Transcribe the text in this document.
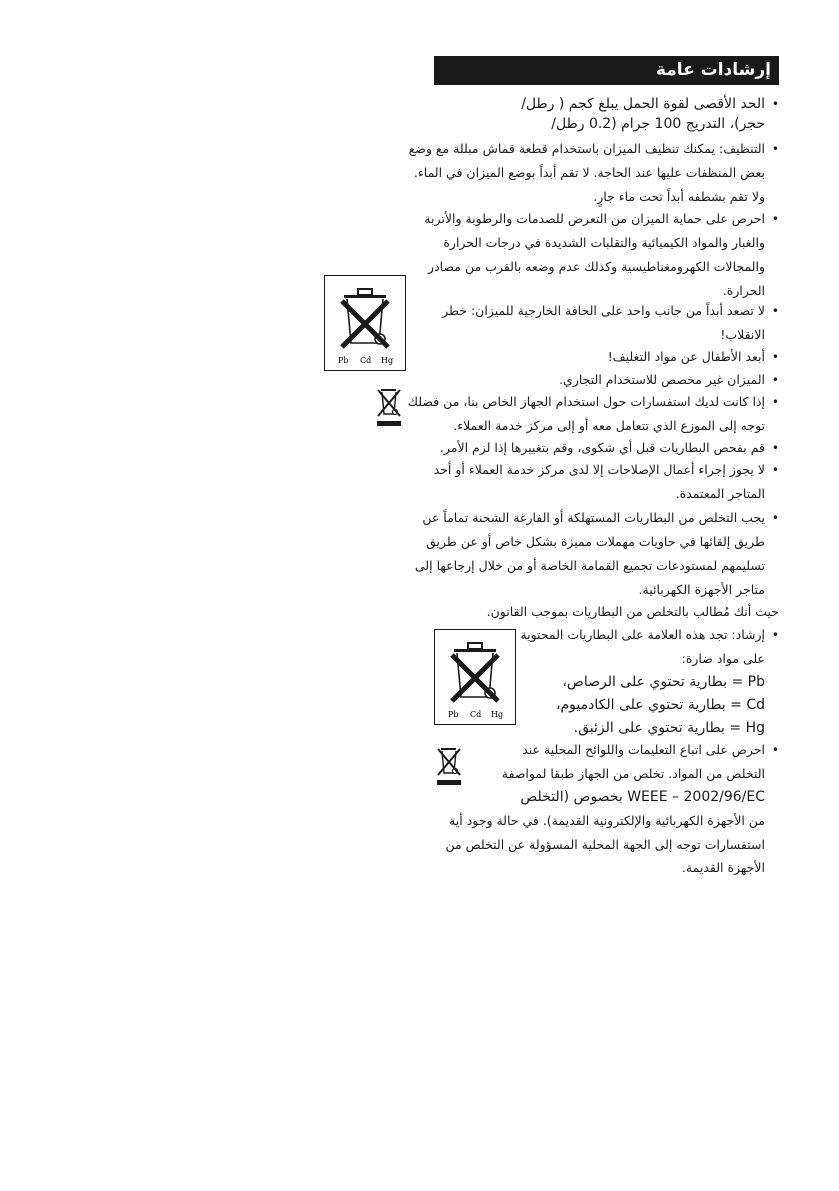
إرشادات عامة
الحد الأقصى لقوة الحمل يبلغ كجم ( رطل/
حجر)، التدريج 100 جرام (0.2 رطل/
التنظيف: يمكنك تنظيف الميزان باستخدام قطعة قماش مبللة مع وضع
بعض المنظفات عليها عند الحاجة. لا تقم أبداً بوضع الميزان في الماء.
ولا تقم بشطفه أبداً تحت ماء جارٍ.
احرص على حماية الميزان من التعرض للصدمات والرطوبة والأتربة
والغبار والمواد الكيميائية والتقلبات الشديدة في درجات الحرارة
والمجالات الكهرومغناطيسية وكذلك عدم وضعه بالقرب من مصادر
الحرارة.
لا تصعد أبداً من جانب واحد على الحافة الخارجية للميزان: خطر
الانقلاب!
أبعد الأطفال عن مواد التغليف!
الميزان غير مخصص للاستخدام التجاري.
إذا كانت لديك استفسارات حول استخدام الجهاز الخاص بنا، من فضلك
توجه إلى الموزع الذي تتعامل معه أو إلى مركز خدمة العملاء.
قم بفحص البطاريات قبل أي شكوى، وقم بتغييرها إذا لزم الأمر.
لا يجوز إجراء أعمال الإصلاحات إلا لدى مركز خدمة العملاء أو أحد
المتاجر المعتمدة.
يجب التخلص من البطاريات المستهلكة أو الفارغة الشحنة تماماً عن
طريق إلقائها في حاويات مهملات مميزة بشكل خاص أو عن طريق
تسليمهم لمستودعات تجميع القمامة الخاصة أو من خلال إرجاعها إلى
متاجر الأجهزة الكهربائية.
حيث أنك مُطالب بالتخلص من البطاريات بموجب القانون.
إرشاد: تجد هذه العلامة على البطاريات المحتوية
على مواد ضارة:
Pb = بطارية تحتوي على الرصاص،
Cd = بطارية تحتوي على الكادميوم،
Hg = بطارية تحتوي على الزئبق.
احرص على اتباع التعليمات واللوائح المحلية عند
التخلص من المواد. تخلص من الجهاز طبقا لمواصفة
WEEE – 2002/96/EC بخصوص (التخلص
من الأجهزة الكهربائية والإلكترونية القديمة). في حالة وجود أية
استفسارات توجه إلى الجهة المحلية المسؤولة عن التخلص من
الأجهزة القديمة.
•
•
•
•
•
•
•
•
•
•
•
•
Pb Cd Hg
Pb Cd Hg
